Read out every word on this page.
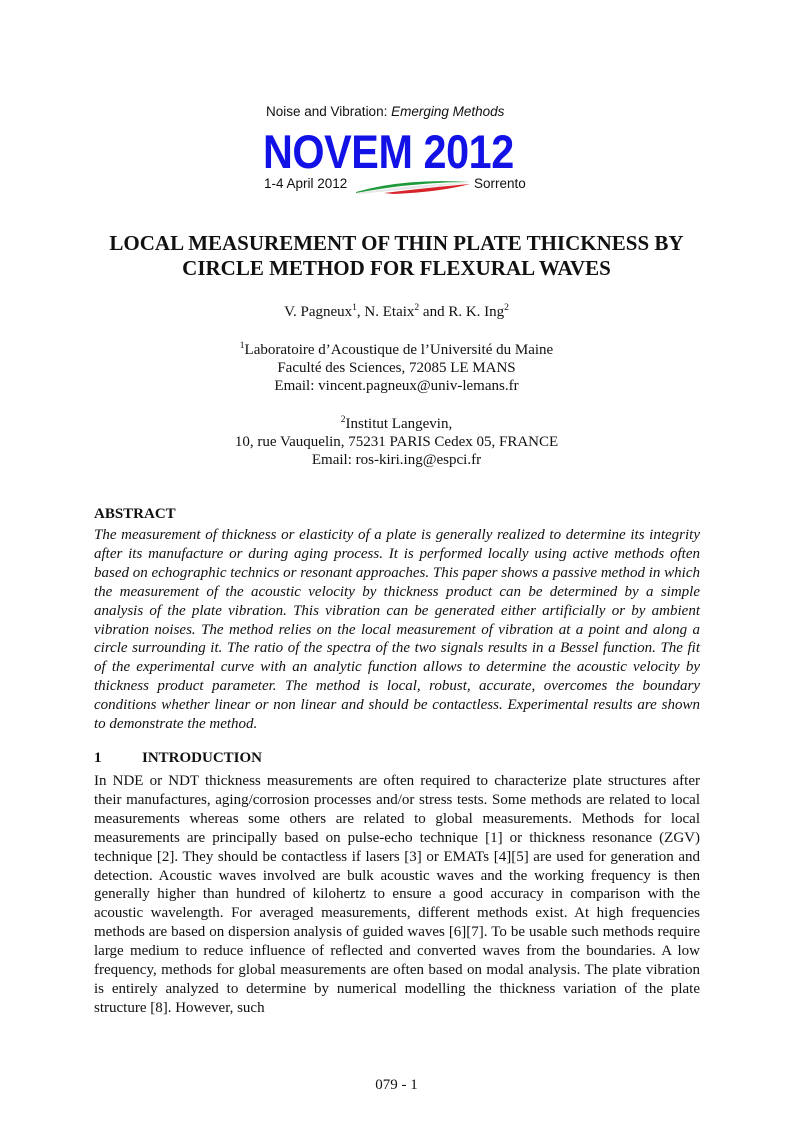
Noise and Vibration: Emerging Methods
NOVEM 2012
1-4 April 2012	Sorrento
LOCAL MEASUREMENT OF THIN PLATE THICKNESS BY
CIRCLE METHOD FOR FLEXURAL WAVES
V. Pagneux$^1$, N. Etaix$^2$ and R. K. Ing$^2$
$^1$Laboratoire d’Acoustique de l’Université du Maine
Faculté des Sciences, 72085 LE MANS
Email: vincent.pagneux@univ-lemans.fr
$^2$Institut Langevin,
10, rue Vauquelin, 75231 PARIS Cedex 05, FRANCE
Email: ros-kiri.ing@espci.fr
ABSTRACT
The measurement of thickness or elasticity of a plate is generally realized to determine its integrity after its manufacture or during aging process. It is performed locally using active methods often based on echographic technics or resonant approaches. This paper shows a passive method in which the measurement of the acoustic velocity by thickness product can be determined by a simple analysis of the plate vibration. This vibration can be generated either artificially or by ambient vibration noises. The method relies on the local measurement of vibration at a point and along a circle surrounding it. The ratio of the spectra of the two signals results in a Bessel function. The fit of the experimental curve with an analytic function allows to determine the acoustic velocity by thickness product parameter. The method is local, robust, accurate, overcomes the boundary conditions whether linear or non linear and should be contactless. Experimental results are shown to demonstrate the method.
1	INTRODUCTION
In NDE or NDT thickness measurements are often required to characterize plate structures after their manufactures, aging/corrosion processes and/or stress tests. Some methods are related to local measurements whereas some others are related to global measurements. Methods for local measurements are principally based on pulse-echo technique [1] or thickness resonance (ZGV) technique [2]. They should be contactless if lasers [3] or EMATs [4][5] are used for generation and detection. Acoustic waves involved are bulk acoustic waves and the working frequency is then generally higher than hundred of kilohertz to ensure a good accuracy in comparison with the acoustic wavelength. For averaged measurements, different methods exist. At high frequencies methods are based on dispersion analysis of guided waves [6][7]. To be usable such methods require large medium to reduce influence of reflected and converted waves from the boundaries. A low frequency, methods for global measurements are often based on modal analysis. The plate vibration is entirely analyzed to determine by numerical modelling the thickness variation of the plate structure [8]. However, such
079 - 1
